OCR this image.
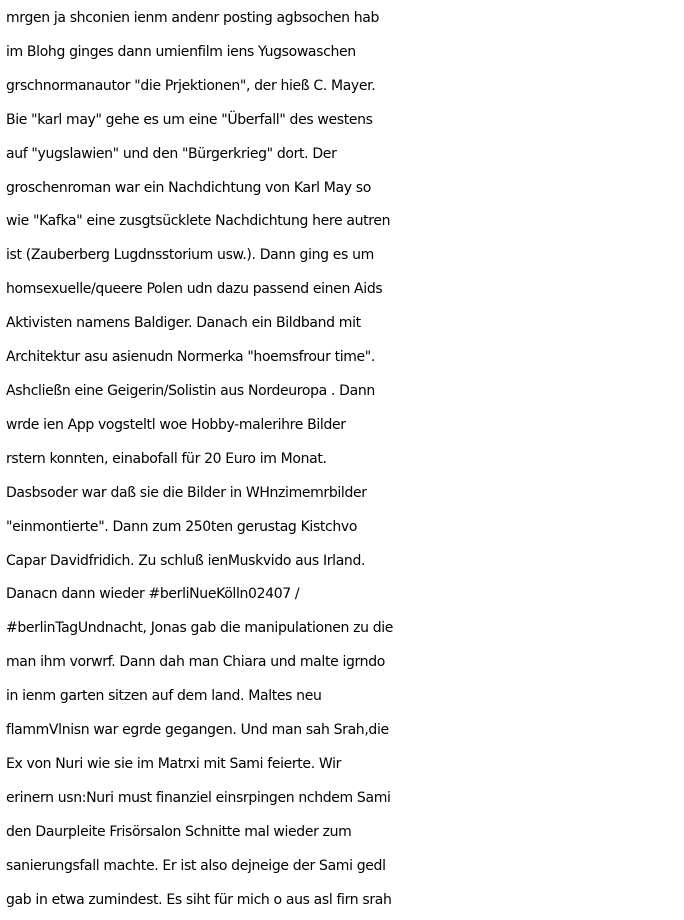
mrgen ja shconien ienm andenr posting agbsochen hab
im Blohg ginges dann umienfilm iens Yugsowaschen
grschnormanautor "die Prjektionen", der hieß C. Mayer.
Bie "karl may" gehe es um eine "Überfall" des westens
auf "yugslawien" und den "Bürgerkrieg" dort. Der
groschenroman war ein Nachdichtung von Karl May so
wie "Kafka" eine zusgtsücklete Nachdichtung here autren
ist (Zauberberg Lugdnsstorium usw.). Dann ging es um
homsexuelle/queere Polen udn dazu passend einen Aids
Aktivisten namens Baldiger. Danach ein Bildband mit
Architektur asu asienudn Normerka "hoemsfrour time".
Ashcließn eine Geigerin/Solistin aus Nordeuropa . Dann
wrde ien App vogsteltl woe Hobby-malerihre Bilder
rstern konnten, einabofall für 20 Euro im Monat.
Dasbsoder war daß sie die Bilder in WHnzimemrbilder
"einmontierte". Dann zum 250ten gerustag Kistchvo
Capar Davidfridich. Zu schluß ienMuskvido aus Irland.
Danacn dann wieder #berliNueKölln02407 /
#berlinTagUndnacht, Jonas gab die manipulationen zu die
man ihm vorwrf. Dann dah man Chiara und malte igrndo
in ienm garten sitzen auf dem land. Maltes neu
flammVlnisn war egrde gegangen. Und man sah Srah,die
Ex von Nuri wie sie im Matrxi mit Sami feierte. Wir
erinern usn:Nuri must finanziel einsrpingen nchdem Sami
den Daurpleite Frisörsalon Schnitte mal wieder zum
sanierungsfall machte. Er ist also dejneige der Sami gedl
gab in etwa zumindest. Es siht für mich o aus asl firn srah
